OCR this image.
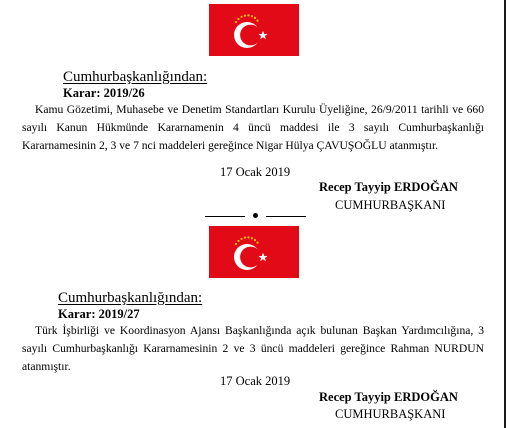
Cumhurbaşkanlığından:
Karar: 2019/26
Kamu Gözetimi, Muhasebe ve Denetim Standartları Kurulu Üyeliğine, 26/9/2011 tarihli ve 660 sayılı Kanun Hükmünde Kararnamenin 4 üncü maddesi ile 3 sayılı Cumhurbaşkanlığı Kararnamesinin 2, 3 ve 7 nci maddeleri gereğince Nigar Hülya ÇAVUŞOĞLU atanmıştır.
17 Ocak 2019
Recep Tayyip ERDOĞAN
CUMHURBAŞKANI
Cumhurbaşkanlığından:
Karar: 2019/27
Türk İşbirliği ve Koordinasyon Ajansı Başkanlığında açık bulunan Başkan Yardımcılığına, 3 sayılı Cumhurbaşkanlığı Kararnamesinin 2 ve 3 üncü maddeleri gereğince Rahman NURDUN atanmıştır.
17 Ocak 2019
Recep Tayyip ERDOĞAN
CUMHURBAŞKANI
